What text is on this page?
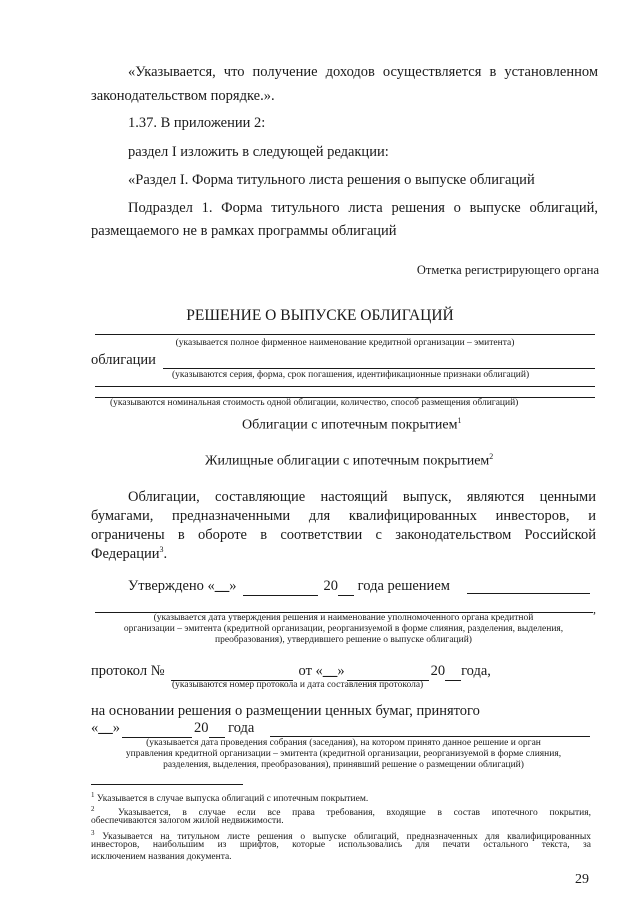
«Указывается, что получение доходов осуществляется в установленном
законодательством порядке.».
1.37. В приложении 2:
раздел I изложить в следующей редакции:
«Раздел I. Форма титульного листа решения о выпуске облигаций
Подраздел 1. Форма титульного листа решения о выпуске облигаций,
размещаемого не в рамках программы облигаций
Отметка регистрирующего органа
РЕШЕНИЕ О ВЫПУСКЕ ОБЛИГАЦИЙ
(указывается полное фирменное наименование кредитной организации – эмитента)
облигации
(указываются серия, форма, срок погашения, идентификационные признаки облигаций)
(указываются номинальная стоимость одной облигации, количество, способ размещения облигаций)
Облигации с ипотечным покрытием$^1$
Жилищные облигации с ипотечным покрытием$^2$
Облигации, составляющие настоящий выпуск, являются ценными
бумагами, предназначенными для квалифицированных инвесторов, и
ограничены в обороте в соответствии с законодательством Российской
Федерации$^3$.
Утверждено «__»	20 года решением
,
(указывается дата утверждения решения и наименование уполномоченного органа кредитной
организации – эмитента (кредитной организации, реорганизуемой в форме слияния, разделения, выделения,
преобразования), утвердившего решение о выпуске облигаций)
протокол №	от «__»	20 года,
(указываются номер протокола и дата составления протокола)
на основании решения о размещении ценных бумаг, принятого
«__»	20 года
(указывается дата проведения собрания (заседания), на котором принято данное решение и орган
управления кредитной организации – эмитента (кредитной организации, реорганизуемой в форме слияния,
разделения, выделения, преобразования), принявший решение о размещении облигаций)
$^1$ Указывается в случае выпуска облигаций с ипотечным покрытием.
$^2$ Указывается, в случае если все права требования, входящие в состав ипотечного покрытия,
обеспечиваются залогом жилой недвижимости.
$^3$ Указывается на титульном листе решения о выпуске облигаций, предназначенных для квалифицированных
инвесторов, наибольшим из шрифтов, которые использовались для печати остального текста, за
исключением названия документа.
29
